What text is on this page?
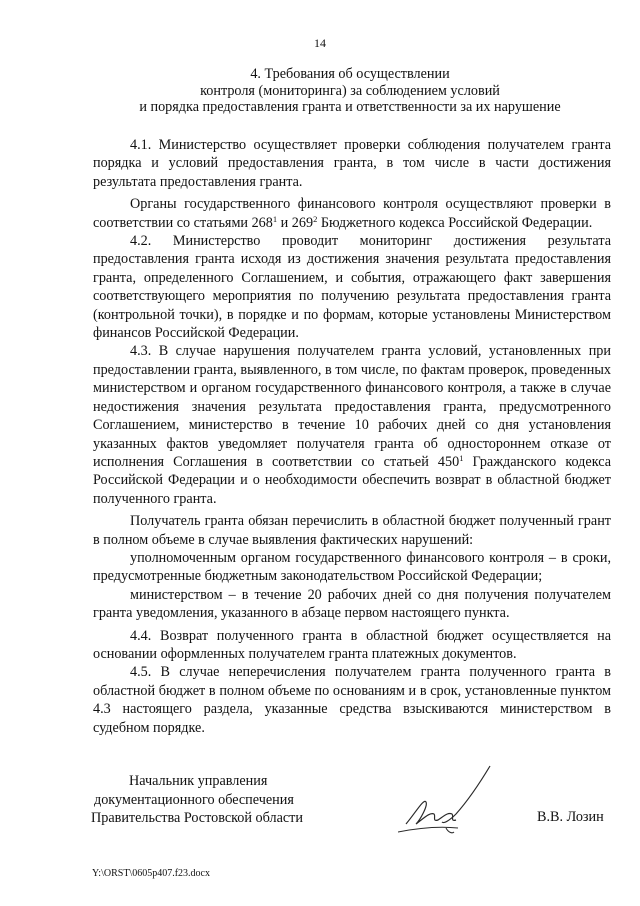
14
4. Требования об осуществлении
контроля (мониторинга) за соблюдением условий
и порядка предоставления гранта и ответственности за их нарушение

4.1. Министерство осуществляет проверки соблюдения получателем гранта порядка и условий предоставления гранта, в том числе в части достижения результата предоставления гранта.

Органы государственного финансового контроля осуществляют проверки в соответствии со статьями $268^1$ и $269^2$ Бюджетного кодекса Российской Федерации.

4.2. Министерство проводит мониторинг достижения результата предоставления гранта исходя из достижения значения результата предоставления гранта, определенного Соглашением, и события, отражающего факт завершения соответствующего мероприятия по получению результата предоставления гранта (контрольной точки), в порядке и по формам, которые установлены Министерством финансов Российской Федерации.

4.3. В случае нарушения получателем гранта условий, установленных при предоставлении гранта, выявленного, в том числе, по фактам проверок, проведенных министерством и органом государственного финансового контроля, а также в случае недостижения значения результата предоставления гранта, предусмотренного Соглашением, министерство в течение 10 рабочих дней со дня установления указанных фактов уведомляет получателя гранта об одностороннем отказе от исполнения Соглашения в соответствии со статьей $450^1$ Гражданского кодекса Российской Федерации и о необходимости обеспечить возврат в областной бюджет полученного гранта.

Получатель гранта обязан перечислить в областной бюджет полученный грант в полном объеме в случае выявления фактических нарушений:

уполномоченным органом государственного финансового контроля – в сроки, предусмотренные бюджетным законодательством Российской Федерации;

министерством – в течение 20 рабочих дней со дня получения получателем гранта уведомления, указанного в абзаце первом настоящего пункта.

4.4. Возврат полученного гранта в областной бюджет осуществляется на основании оформленных получателем гранта платежных документов.

4.5. В случае неперечисления получателем гранта полученного гранта в областной бюджет в полном объеме по основаниям и в срок, установленные пунктом 4.3 настоящего раздела, указанные средства взыскиваются министерством в судебном порядке.

Начальник управления
документационного обеспечения
Правительства Ростовской области	В.В. Лозин
Y:\ORST\0605p407.f23.docx
